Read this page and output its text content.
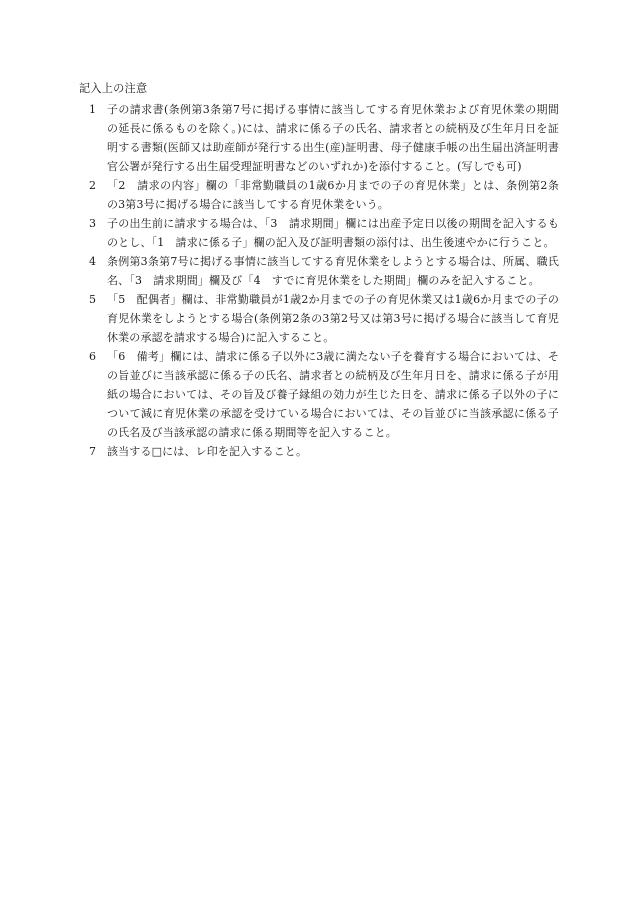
記入上の注意
1	子の請求書(条例第3条第7号に掲げる事情に該当してする育児休業および育児休業の期間の延長に係るものを除く。)には、請求に係る子の氏名、請求者との続柄及び生年月日を証明する書類(医師又は助産師が発行する出生(産)証明書、母子健康手帳の出生届出済証明書官公署が発行する出生届受理証明書などのいずれか)を添付すること。(写しでも可)
2	「2　請求の内容」欄の「非常勤職員の1歳6か月までの子の育児休業」とは、条例第2条の3第3号に掲げる場合に該当してする育児休業をいう。
3	子の出生前に請求する場合は、「3　請求期間」欄には出産予定日以後の期間を記入するものとし、「1　請求に係る子」欄の記入及び証明書類の添付は、出生後速やかに行うこと。
4	条例第3条第7号に掲げる事情に該当してする育児休業をしようとする場合は、所属、職氏名、「3　請求期間」欄及び「4　すでに育児休業をした期間」欄のみを記入すること。
5	「5　配偶者」欄は、非常勤職員が1歳2か月までの子の育児休業又は1歳6か月までの子の育児休業をしようとする場合(条例第2条の3第2号又は第3号に掲げる場合に該当して育児休業の承認を請求する場合)に記入すること。
6	「6　備考」欄には、請求に係る子以外に3歳に満たない子を養育する場合においては、その旨並びに当該承認に係る子の氏名、請求者との続柄及び生年月日を、請求に係る子が用紙の場合においては、その旨及び養子縁組の効力が生じた日を、請求に係る子以外の子について減に育児休業の承認を受けている場合においては、その旨並びに当該承認に係る子の氏名及び当該承認の請求に係る期間等を記入すること。
7	該当する□には、レ印を記入すること。
